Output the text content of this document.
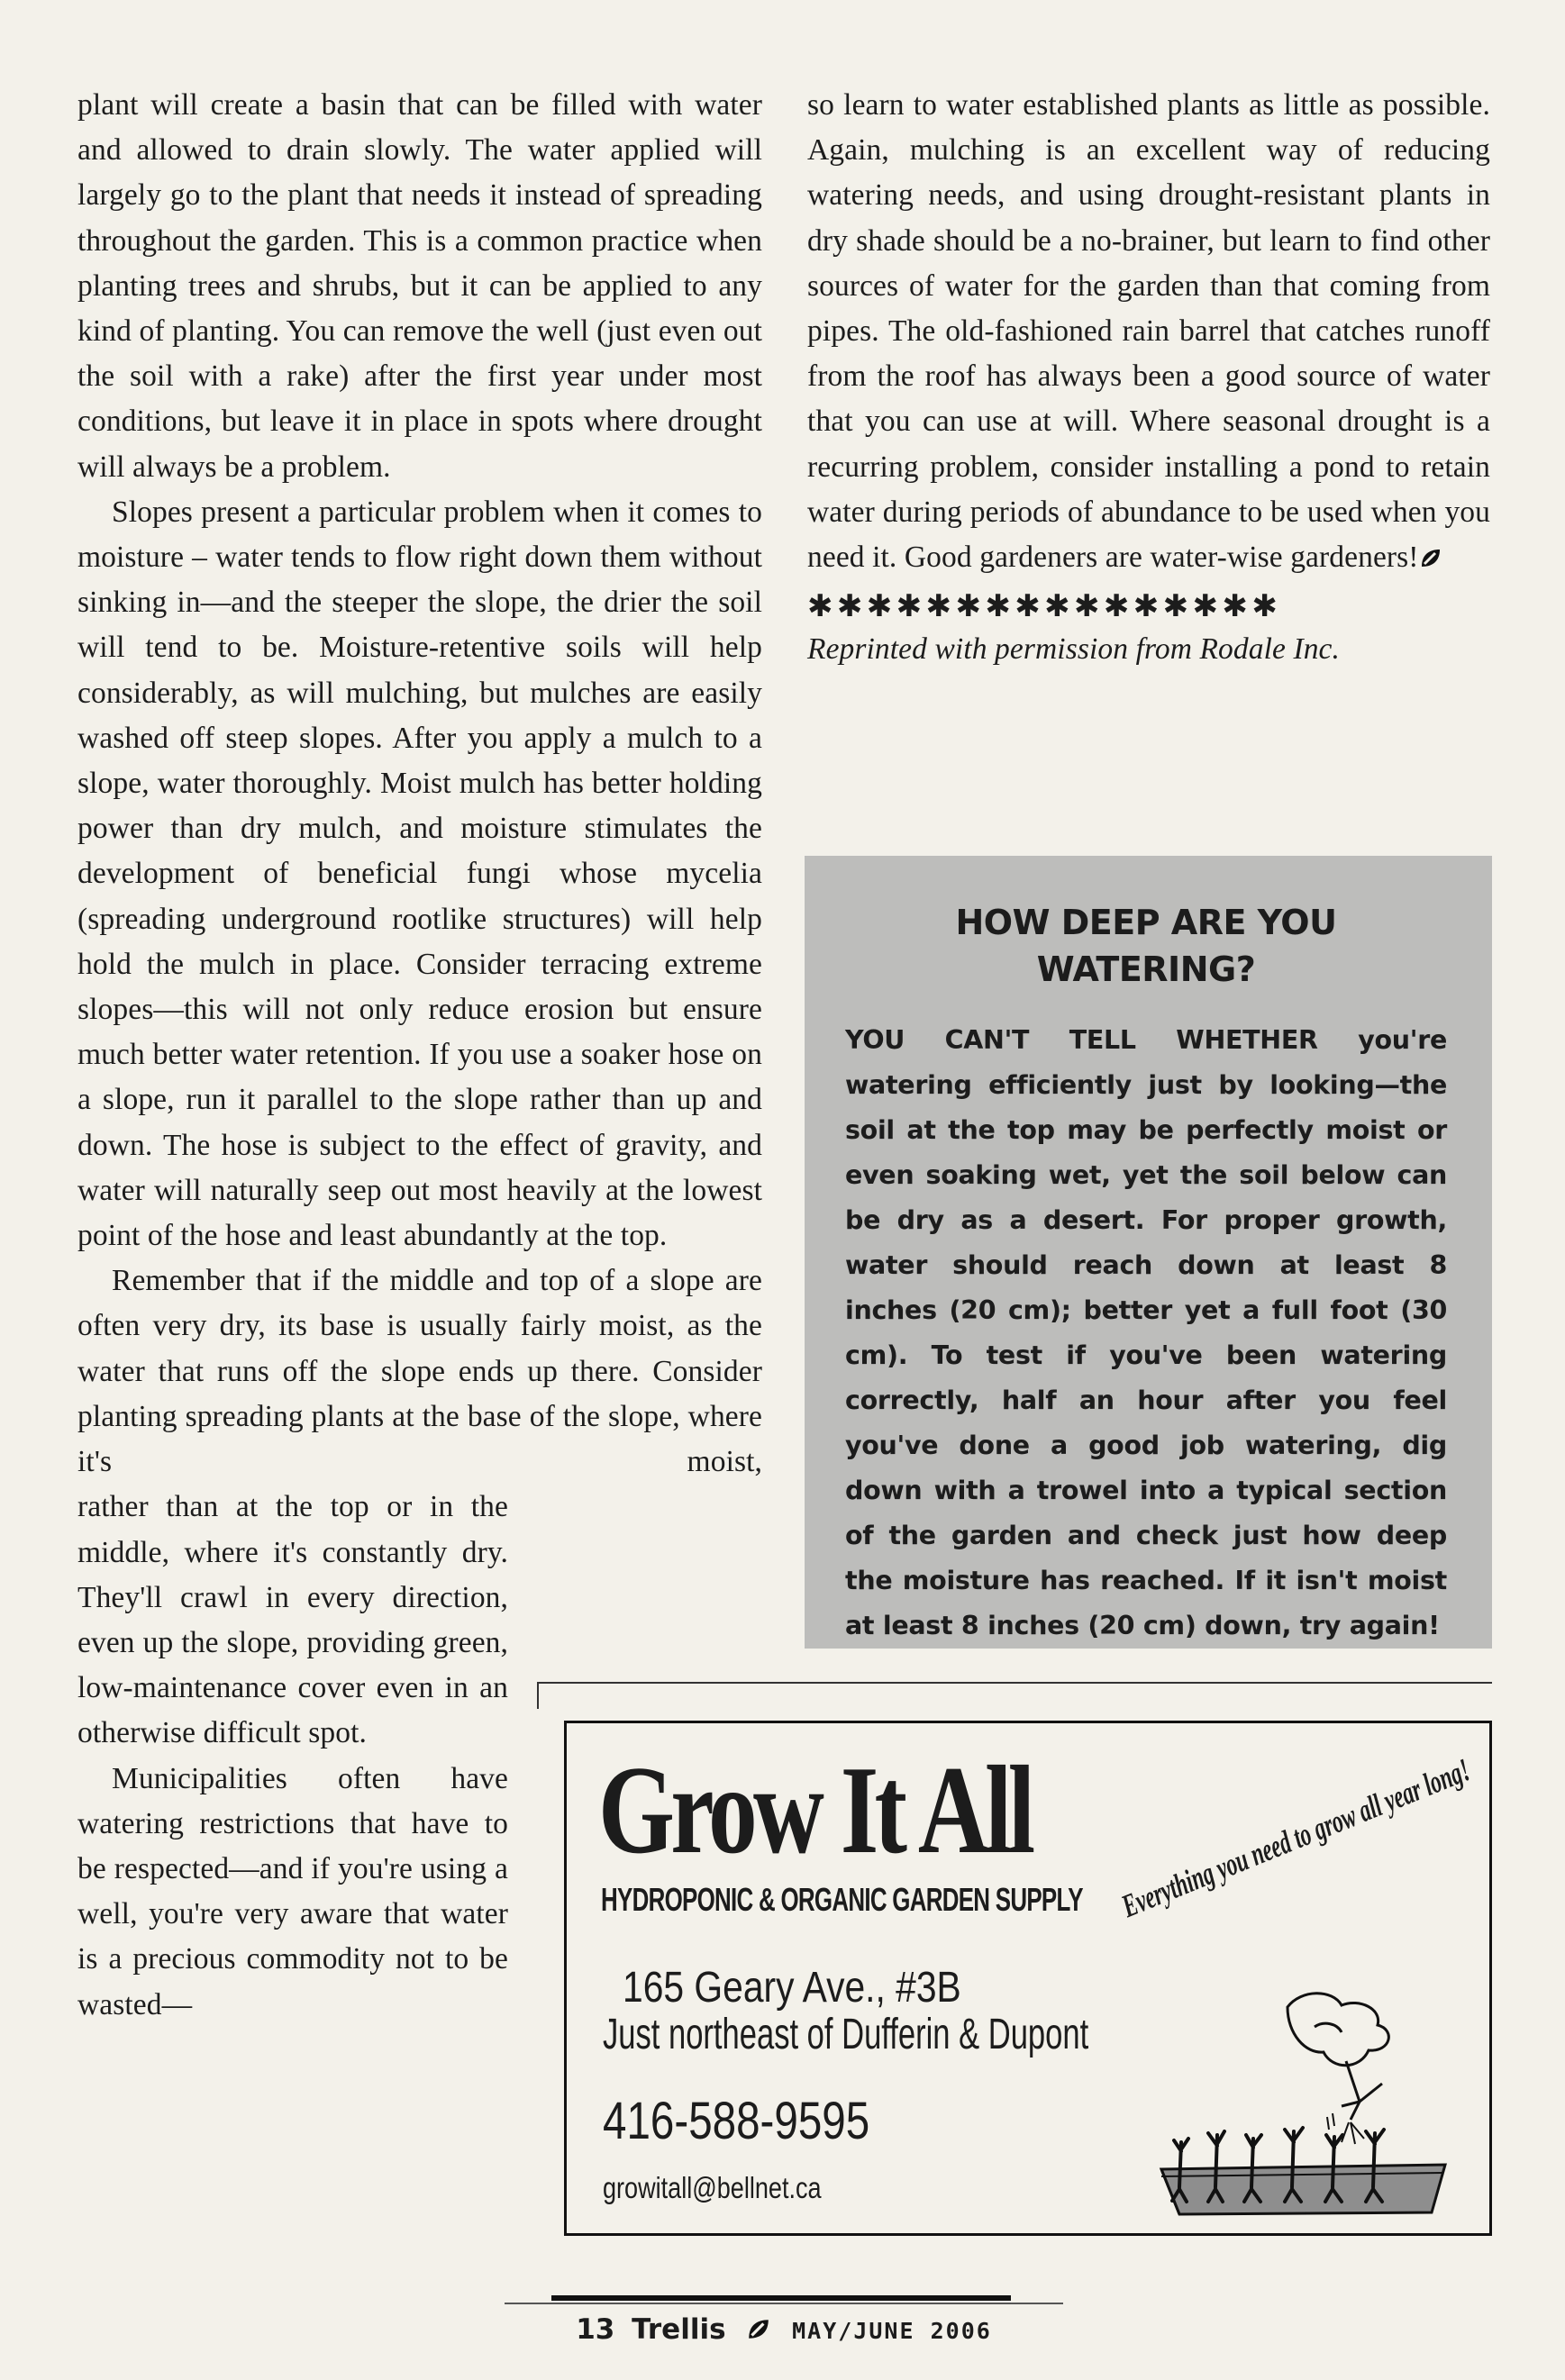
plant will create a basin that can be filled with water and allowed to drain slowly. The water applied will largely go to the plant that needs it instead of spreading throughout the garden. This is a common practice when planting trees and shrubs, but it can be applied to any kind of planting. You can remove the well (just even out the soil with a rake) after the first year under most conditions, but leave it in place in spots where drought will always be a problem.

Slopes present a particular problem when it comes to moisture – water tends to flow right down them without sinking in—and the steeper the slope, the drier the soil will tend to be. Moisture-retentive soils will help considerably, as will mulching, but mulches are easily washed off steep slopes. After you apply a mulch to a slope, water thoroughly. Moist mulch has better holding power than dry mulch, and moisture stimulates the development of beneficial fungi whose mycelia (spreading underground rootlike structures) will help hold the mulch in place. Consider terracing extreme slopes—this will not only reduce erosion but ensure much better water retention. If you use a soaker hose on a slope, run it parallel to the slope rather than up and down. The hose is subject to the effect of gravity, and water will naturally seep out most heavily at the lowest point of the hose and least abundantly at the top.

Remember that if the middle and top of a slope are often very dry, its base is usually fairly moist, as the water that runs off the slope ends up there. Consider planting spreading plants at the base of the slope, where it's moist,

rather than at the top or in the middle, where it's constantly dry. They'll crawl in every direction, even up the slope, providing green, low-maintenance cover even in an otherwise difficult spot.

Municipalities often have watering restrictions that have to be respected—and if you're using a well, you're very aware that water is a precious commodity not to be wasted—

so learn to water established plants as little as possible. Again, mulching is an excellent way of reducing watering needs, and using drought-resistant plants in dry shade should be a no-brainer, but learn to find other sources of water for the garden than that coming from pipes. The old-fashioned rain barrel that catches runoff from the roof has always been a good source of water that you can use at will. Where seasonal drought is a recurring problem, consider installing a pond to retain water during periods of abundance to be used when you need it. Good gardeners are water-wise gardeners!

✱✱✱✱✱✱✱✱✱✱✱✱✱✱✱✱
Reprinted with permission from Rodale Inc.
HOW DEEP ARE YOU WATERING?
YOU CAN'T TELL WHETHER you're watering efficiently just by looking—the soil at the top may be perfectly moist or even soaking wet, yet the soil below can be dry as a desert. For proper growth, water should reach down at least 8 inches (20 cm); better yet a full foot (30 cm). To test if you've been watering correctly, half an hour after you feel you've done a good job watering, dig down with a trowel into a typical section of the garden and check just how deep the moisture has reached. If it isn't moist at least 8 inches (20 cm) down, try again!
Grow It All
HYDROPONIC & ORGANIC GARDEN SUPPLY Everything you need to grow all year long!
165 Geary Ave., #3B
Just northeast of Dufferin & Dupont
416-588-9595
growitall@bellnet.ca
13 Trellis	MAY/JUNE 2006
